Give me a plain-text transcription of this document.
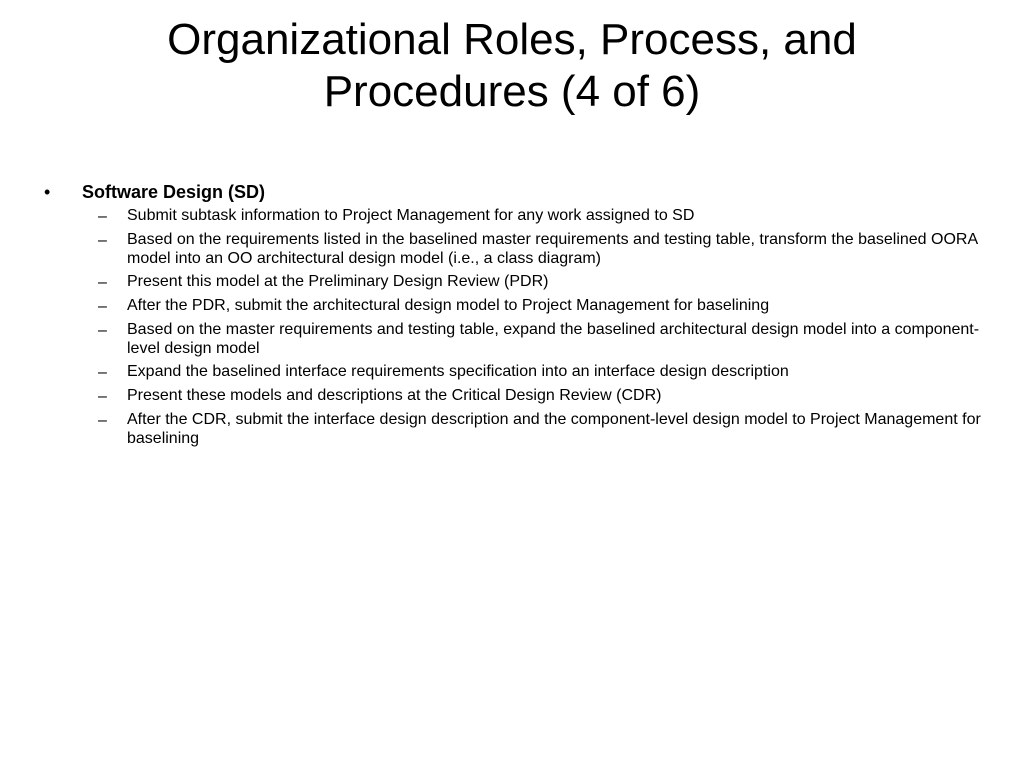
Organizational Roles, Process, and
Procedures (4 of 6)
•	Software Design (SD)
–	Submit subtask information to Project Management for any work assigned to SD
–	Based on the requirements listed in the baselined master requirements and testing table, transform the baselined OORA model into an OO architectural design model (i.e., a class diagram)
–	Present this model at the Preliminary Design Review (PDR)
–	After the PDR, submit the architectural design model to Project Management for baselining
–	Based on the master requirements and testing table, expand the baselined architectural design model into a component-level design model
–	Expand the baselined interface requirements specification into an interface design description
–	Present these models and descriptions at the Critical Design Review (CDR)
–	After the CDR, submit the interface design description and the component-level design model to Project Management for baselining
